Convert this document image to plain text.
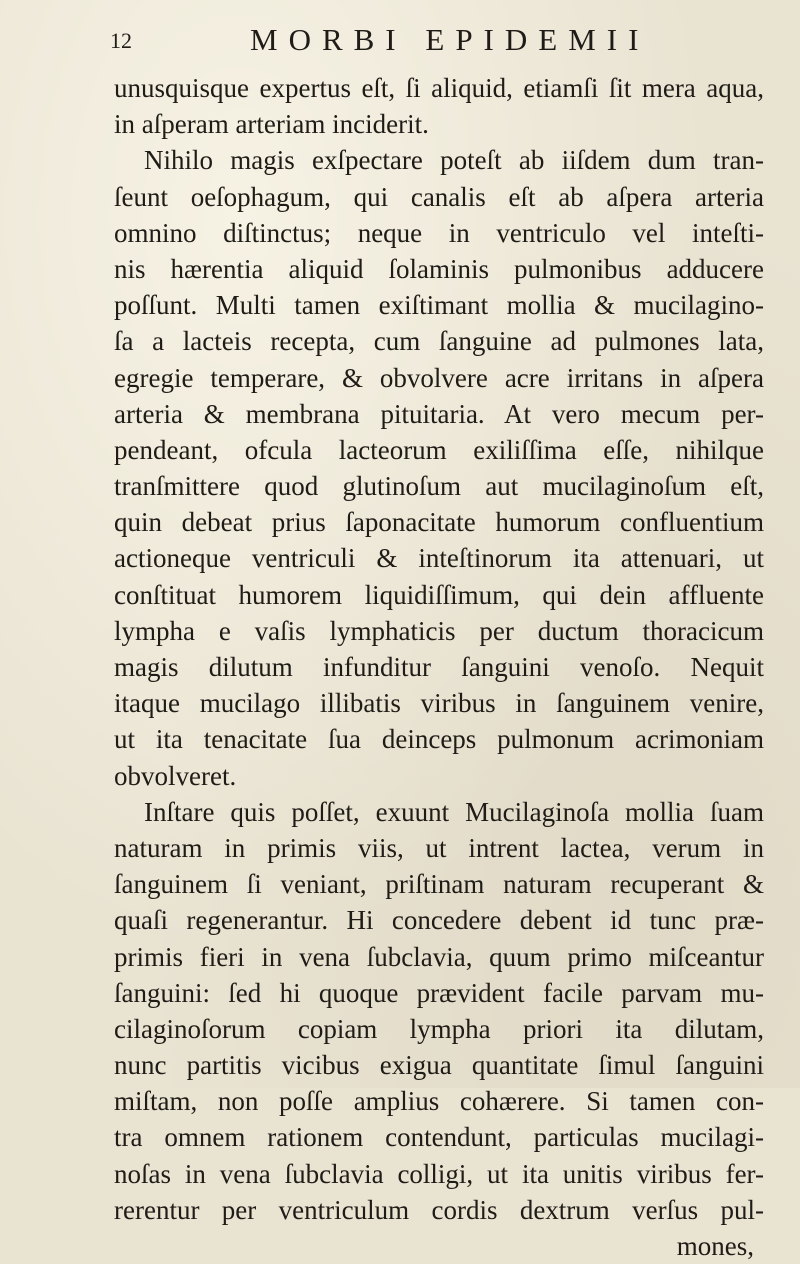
12	MORBI EPIDEMII
unusquisque expertus eſt, ſi aliquid, etiamſi ſit mera aqua,
in aſperam arteriam inciderit.
Nihilo magis exſpectare poteſt ab iiſdem dum tran-
ſeunt oeſophagum, qui canalis eſt ab aſpera arteria
omnino diſtinctus; neque in ventriculo vel inteſti-
nis hærentia aliquid ſolaminis pulmonibus adducere
poſſunt. Multi tamen exiſtimant mollia & mucilagino-
ſa a lacteis recepta, cum ſanguine ad pulmones lata,
egregie temperare, & obvolvere acre irritans in aſpera
arteria & membrana pituitaria. At vero mecum per-
pendeant, ofcula lacteorum exiliſſima eſſe, nihilque
tranſmittere quod glutinoſum aut mucilaginoſum eſt,
quin debeat prius ſaponacitate humorum confluentium
actioneque ventriculi & inteſtinorum ita attenuari, ut
conſtituat humorem liquidiſſimum, qui dein affluente
lympha e vaſis lymphaticis per ductum thoracicum
magis dilutum infunditur ſanguini venoſo. Nequit
itaque mucilago illibatis viribus in ſanguinem venire,
ut ita tenacitate ſua deinceps pulmonum acrimoniam
obvolveret.
Inſtare quis poſſet, exuunt Mucilaginoſa mollia ſuam
naturam in primis viis, ut intrent lactea, verum in
ſanguinem ſi veniant, priſtinam naturam recuperant &
quaſi regenerantur. Hi concedere debent id tunc præ-
primis fieri in vena ſubclavia, quum primo miſceantur
ſanguini: ſed hi quoque prævident facile parvam mu-
cilaginoſorum copiam lympha priori ita dilutam,
nunc partitis vicibus exigua quantitate ſimul ſanguini
miſtam, non poſſe amplius cohærere. Si tamen con-
tra omnem rationem contendunt, particulas mucilagi-
noſas in vena ſubclavia colligi, ut ita unitis viribus fer-
rerentur per ventriculum cordis dextrum verſus pul-
mones,
